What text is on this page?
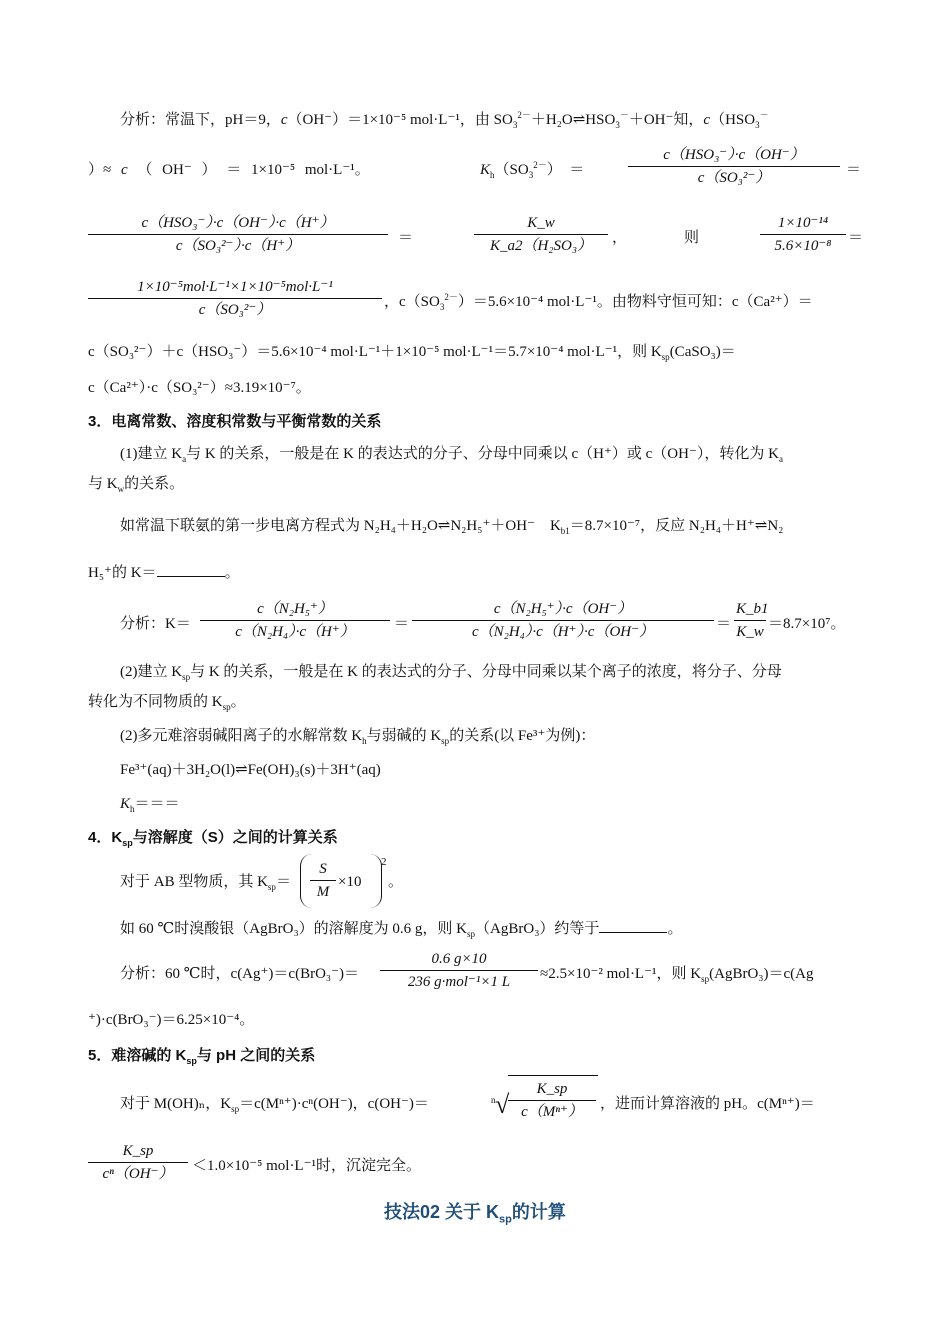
分析：常温下，pH＝9，c（OH⁻）＝1×10⁻⁵ mol·L⁻¹，由 $SO_3^{2-}+H_2O\rightleftharpoons HSO_3^-+OH^-$知，$c(HSO_3^-$
）≈ c （ OH⁻ ） ＝ 1×10⁻⁵ mol·L⁻¹。	$K_h(SO_3^{2-})$　＝
c（HSO₃⁻）·c（OH⁻）
c（SO₃²⁻）	＝
c（HSO₃⁻）·c（OH⁻）·c（H⁺）
c（SO₃²⁻）·c（H⁺）	＝	$\frac{K\_w}{\text{K\_a2（H₂SO₃）}}$ ，	则	$\frac{\text{1×10⁻¹⁴}}{\text{5.6×10⁻⁸}}$ ＝
1×10⁻⁵mol·L⁻¹×1×10⁻⁵mol·L⁻¹
c（SO₃²⁻）	，$c(SO_3^{2-})=5.6\times 10^{-4}$ mol·L⁻¹。由物料守恒可知：c（Ca²⁺）＝
c（SO₃²⁻）＋c（HSO₃⁻）＝5.6×10⁻⁴ mol·L⁻¹＋1×10⁻⁵ mol·L⁻¹＝5.7×10⁻⁴ mol·L⁻¹，则 $K_{sp}(CaSO_3)=$
c（Ca²⁺）·c（SO₃²⁻）≈3.19×10⁻⁷。
3．电离常数、溶度积常数与平衡常数的关系
(1)建立 $K_a$与 K 的关系，一般是在 K 的表达式的分子、分母中同乘以 c（H⁺）或 c（OH⁻），转化为 $K_a$
与 $K_w$的关系。
如常温下联氨的第一步电离方程式为 N₂H₄＋H₂O⇌N₂H₅⁺＋OH⁻　$K_{b1}=8.7\times 10^{-7}$，反应 N₂H₄＋H⁺⇌N₂
H₅⁺的 K＝	。
分析：$K= \frac{\text{c（N₂H₅⁺）}}{\text{c（N₂H₄）·c（H⁺）}} = \frac{\text{c（N₂H₅⁺）·c（OH⁻）}}{\text{c（N₂H₄）·c（H⁺）·c（OH⁻）}} = \frac{K\_b1}{K\_w} =8.7\times 10^7$。
(2)建立 $K_{sp}$与 K 的关系，一般是在 K 的表达式的分子、分母中同乘以某个离子的浓度，将分子、分母
转化为不同物质的 $K_{sp}$。
(2)多元难溶弱碱阳离子的水解常数 $K_h$与弱碱的 $K_{sp}$的关系(以 Fe³⁺为例)：
Fe³⁺(aq)＋3H₂O(l)⇌Fe(OH)₃(s)＋3H⁺(aq)
$K_h===$
4．$K_{sp}$与溶解度（S）之间的计算关系
对于 AB 型物质，其 $K_{sp}= \frac{S}{M} \times 10$
2
。
如 60 ℃时溴酸银（AgBrO₃）的溶解度为 0.6 g，则 $K_{sp}(AgBrO_3)$约等于	。
分析：60 ℃时，c(Ag⁺)＝c(BrO₃⁻)＝
0.6 g×10
236 g·mol⁻¹×1 L	≈2.5×10⁻² mol·L⁻¹，则 $K_{sp}(AgBrO_3)=c(Ag$
⁺)·c(BrO₃⁻)＝6.25×10⁻⁴。
5．难溶碱的 $K_{sp}$与 pH 之间的关系
对于 M(OH)ₙ，$K_{sp}=c(M^{n+})\cdot c^n(OH^-)$，c(OH⁻)＝	n √
$\frac{K\_sp}{\text{c（Mⁿ⁺）}}$ ，进而计算溶液的 pH。c(Mⁿ⁺)＝
$\frac{K\_sp}{\text{cⁿ（OH⁻）}} <1.0\times 10^{-5}$ mol·L⁻¹时，沉淀完全。
技法02 关于 $K_{sp}$的计算
